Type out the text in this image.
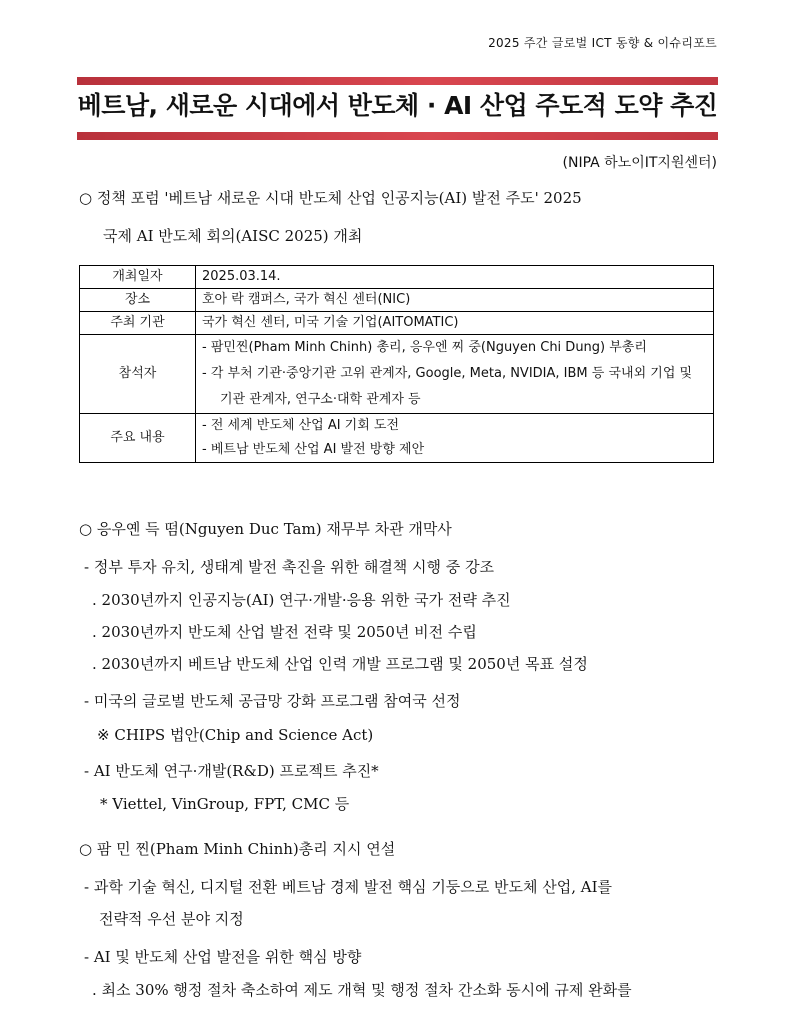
2025 주간 글로벌 ICT 동향 & 이슈리포트
베트남, 새로운 시대에서 반도체 · AI 산업 주도적 도약 추진
(NIPA 하노이IT지원센터)
○ 정책 포럼 '베트남 새로운 시대 반도체 산업 인공지능(AI) 발전 주도' 2025
국제 AI 반도체 회의(AISC 2025) 개최
개최일자	2025.03.14.
장소	호아 락 캠퍼스, 국가 혁신 센터(NIC)
주최 기관	국가 혁신 센터, 미국 기술 기업(AITOMATIC)
참석자	- 팜민찐(Pham Minh Chinh) 총리, 응우엔 찌 중(Nguyen Chi Dung) 부총리
- 각 부처 기관·중앙기관 고위 관계자, Google, Meta, NVIDIA, IBM 등 국내외 기업 및 기관 관계자, 연구소·대학 관계자 등

주요 내용	- 전 세계 반도체 산업 AI 기회 도전
- 베트남 반도체 산업 AI 발전 방향 제안
○ 응우옌 득 떰(Nguyen Duc Tam) 재무부 차관 개막사
- 정부 투자 유치, 생태계 발전 촉진을 위한 해결책 시행 중 강조
. 2030년까지 인공지능(AI) 연구·개발·응용 위한 국가 전략 추진
. 2030년까지 반도체 산업 발전 전략 및 2050년 비전 수립
. 2030년까지 베트남 반도체 산업 인력 개발 프로그램 및 2050년 목표 설정
- 미국의 글로벌 반도체 공급망 강화 프로그램 참여국 선정
※ CHIPS 법안(Chip and Science Act)
- AI 반도체 연구·개발(R&D) 프로젝트 추진*
* Viettel, VinGroup, FPT, CMC 등
○ 팜 민 찐(Pham Minh Chinh)총리 지시 연설
- 과학 기술 혁신, 디지털 전환 베트남 경제 발전 핵심 기둥으로 반도체 산업, AI를
전략적 우선 분야 지정
- AI 및 반도체 산업 발전을 위한 핵심 방향
. 최소 30% 행정 절차 축소하여 제도 개혁 및 행정 절차 간소화 동시에 규제 완화를
